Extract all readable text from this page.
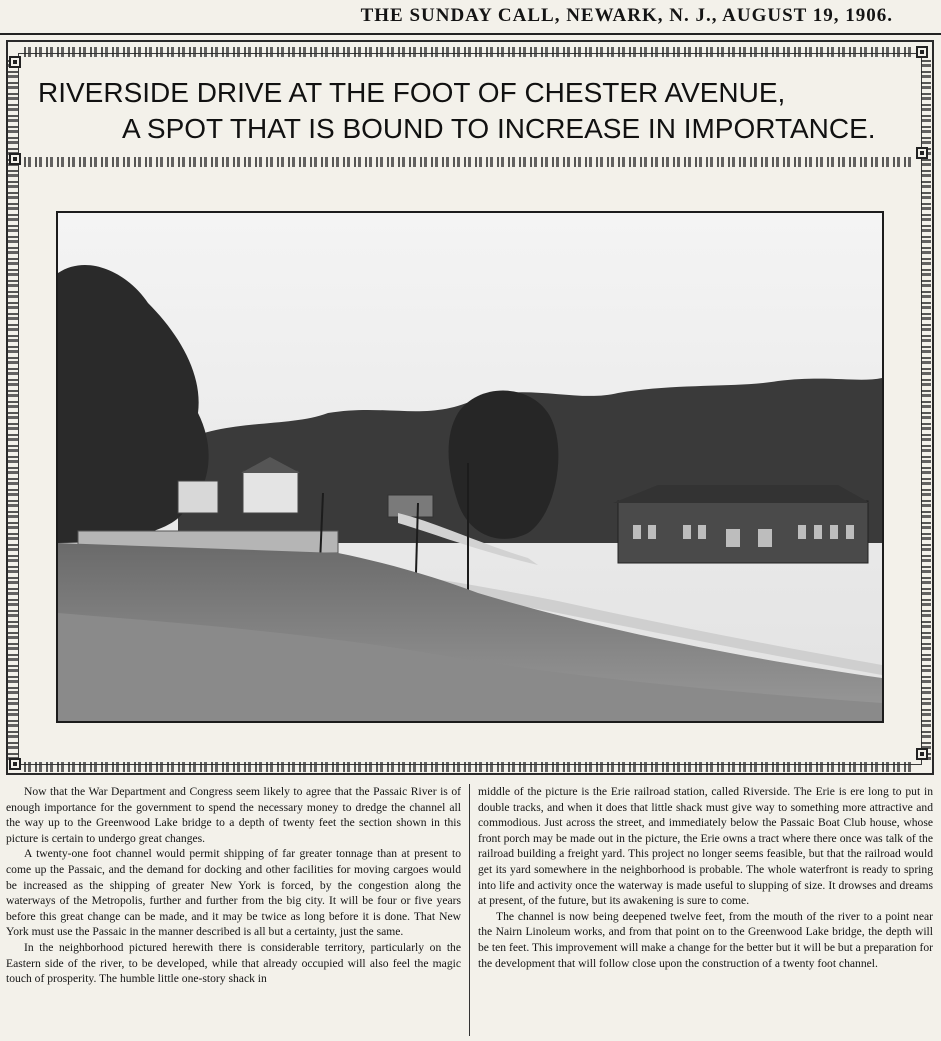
THE SUNDAY CALL, NEWARK, N. J., AUGUST 19, 1906.
RIVERSIDE DRIVE AT THE FOOT OF CHESTER AVENUE,
A SPOT THAT IS BOUND TO INCREASE IN IMPORTANCE.

Now that the War Department and Congress seem likely to agree that the Passaic River is of enough importance for the government to spend the necessary money to dredge the channel all the way up to the Greenwood Lake bridge to a depth of twenty feet the section shown in this picture is certain to undergo great changes.

A twenty-one foot channel would permit shipping of far greater tonnage than at present to come up the Passaic, and the demand for docking and other facilities for moving cargoes would be increased as the shipping of greater New York is forced, by the congestion along the waterways of the Metropolis, further and further from the big city. It will be four or five years before this great change can be made, and it may be twice as long before it is done. That New York must use the Passaic in the manner described is all but a certainty, just the same.

In the neighborhood pictured herewith there is considerable territory, particularly on the Eastern side of the river, to be developed, while that already occupied will also feel the magic touch of prosperity. The humble little one-story shack in

middle of the picture is the Erie railroad station, called Riverside. The Erie is ere long to put in double tracks, and when it does that little shack must give way to something more attractive and commodious. Just across the street, and immediately below the Passaic Boat Club house, whose front porch may be made out in the picture, the Erie owns a tract where there once was talk of the railroad building a freight yard. This project no longer seems feasible, but that the railroad would get its yard somewhere in the neighborhood is probable. The whole waterfront is ready to spring into life and activity once the waterway is made useful to slupping of size. It drowses and dreams at present, of the future, but its awakening is sure to come.

The channel is now being deepened twelve feet, from the mouth of the river to a point near the Nairn Linoleum works, and from that point on to the Greenwood Lake bridge, the depth will be ten feet. This improvement will make a change for the better but it will be but a preparation for the development that will follow close upon the construction of a twenty foot channel.
